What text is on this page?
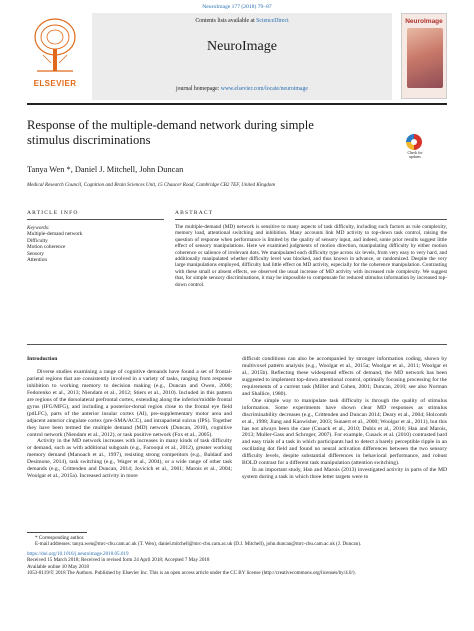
NeuroImage 177 (2018) 79–87
ELSEVIER
Contents lists available at ScienceDirect
NeuroImage
journal homepage: www.elsevier.com/locate/neuroimage
NeuroImage
Response of the multiple-demand network during simple stimulus discriminations
Check for updates
Tanya Wen *, Daniel J. Mitchell, John Duncan
Medical Research Council, Cognition and Brain Sciences Unit, 15 Chaucer Road, Cambridge CB2 7EF, United Kingdom
ARTICLE INFO	ABSTRACT
Keywords:
Multiple-demand network
Difficulty
Motion coherence
Sensory
Attention
The multiple-demand (MD) network is sensitive to many aspects of task difficulty, including such factors as rule complexity, memory load, attentional switching and inhibition. Many accounts link MD activity to top-down task control, raising the question of response when performance is limited by the quality of sensory input, and indeed, some prior results suggest little effect of sensory manipulations. Here we examined judgments of motion direction, manipulating difficulty by either motion coherence or salience of irrelevant dots. We manipulated each difficulty type across six levels, from very easy to very hard, and additionally manipulated whether difficulty level was blocked, and thus known in advance, or randomized. Despite the very large manipulations employed, difficulty had little effect on MD activity, especially for the coherence manipulation. Contrasting with these small or absent effects, we observed the usual increase of MD activity with increased rule complexity. We suggest that, for simple sensory discriminations, it may be impossible to compensate for reduced stimulus information by increased top-down control.
Introduction
Diverse studies examining a range of cognitive demands have found a set of frontal-parietal regions that are consistently involved in a variety of tasks, ranging from response inhibition to working memory to decision making (e.g., Duncan and Owen, 2000; Fedorenko et al., 2013; Niendam et al., 2012; Stiers et al., 2010). Included in this pattern are regions of the dorsolateral prefrontal cortex, extending along the inferior/middle frontal gyrus (IFG/MFG), and including a posterior-dorsal region close to the frontal eye field (pdLFC), parts of the anterior insular cortex (AI), pre-supplementary motor area and adjacent anterior cingulate cortex (pre-SMA/ACC), and intraparietal sulcus (IPS). Together they have been termed the multiple demand (MD) network (Duncan, 2010), cognitive control network (Niendam et al., 2012), or task positive network (Fox et al., 2005).
Activity in the MD network increases with increases in many kinds of task difficulty or demand, such as with additional subgoals (e.g., Farooqui et al., 2012), greater working memory demand (Manoach et al., 1997), resisting strong competitors (e.g., Baldauf and Desimone, 2014), task switching (e.g., Wager et al., 2004), or a wide range of other task demands (e.g., Crittenden and Duncan, 2014; Jovicich et al., 2001; Marois et al., 2004; Woolgar et al., 2015a). Increased activity in more
difficult conditions can also be accompanied by stronger information coding, shown by multivoxel pattern analysis (e.g., Woolgar et al., 2015a; Woolgar et al., 2011; Woolgar et al., 2015b). Reflecting these widespread effects of demand, the MD network has been suggested to implement top-down attentional control, optimally focusing processing for the requirements of a current task (Miller and Cohen, 2001; Duncan, 2010; see also Norman and Shallice, 1980).
One simple way to manipulate task difficulty is through the quality of stimulus information. Some experiments have shown clear MD responses as stimulus discriminability decreases (e.g., Crittenden and Duncan 2014; Deary et al., 2004; Holcomb et al., 1998; Jiang and Kanwisher, 2003; Sunaert et al., 2000; Woolgar et al., 2011), but this has not always been the case (Cusack et al., 2010; Dubis et al., 2016; Han and Marois, 2013; Muller-Gass and Schroger, 2007). For example, Cusack et al. (2010) contrasted hard and easy trials of a task in which participants had to detect a barely perceptible ripple in an oscillating dot field and found no neural activation differences between the two sensory difficulty levels, despite substantial differences in behavioral performance, and robust BOLD contrast for a different task manipulation (attention switching).
In an important study, Han and Marois (2013) investigated activity in parts of the MD system during a task in which three letter targets were to
* Corresponding author.
E-mail addresses: tanya.wen@mrc-cbu.cam.ac.uk (T. Wen), daniel.mitchell@mrc-cbu.cam.ac.uk (D.J. Mitchell), john.duncan@mrc-cbu.cam.ac.uk (J. Duncan).
https://doi.org/10.1016/j.neuroimage.2018.05.019
Received 15 March 2018; Received in revised form 24 April 2018; Accepted 7 May 2018
Available online 10 May 2018
1053-8119/© 2018 The Authors. Published by Elsevier Inc. This is an open access article under the CC BY license (http://creativecommons.org/licenses/by/4.0/).
